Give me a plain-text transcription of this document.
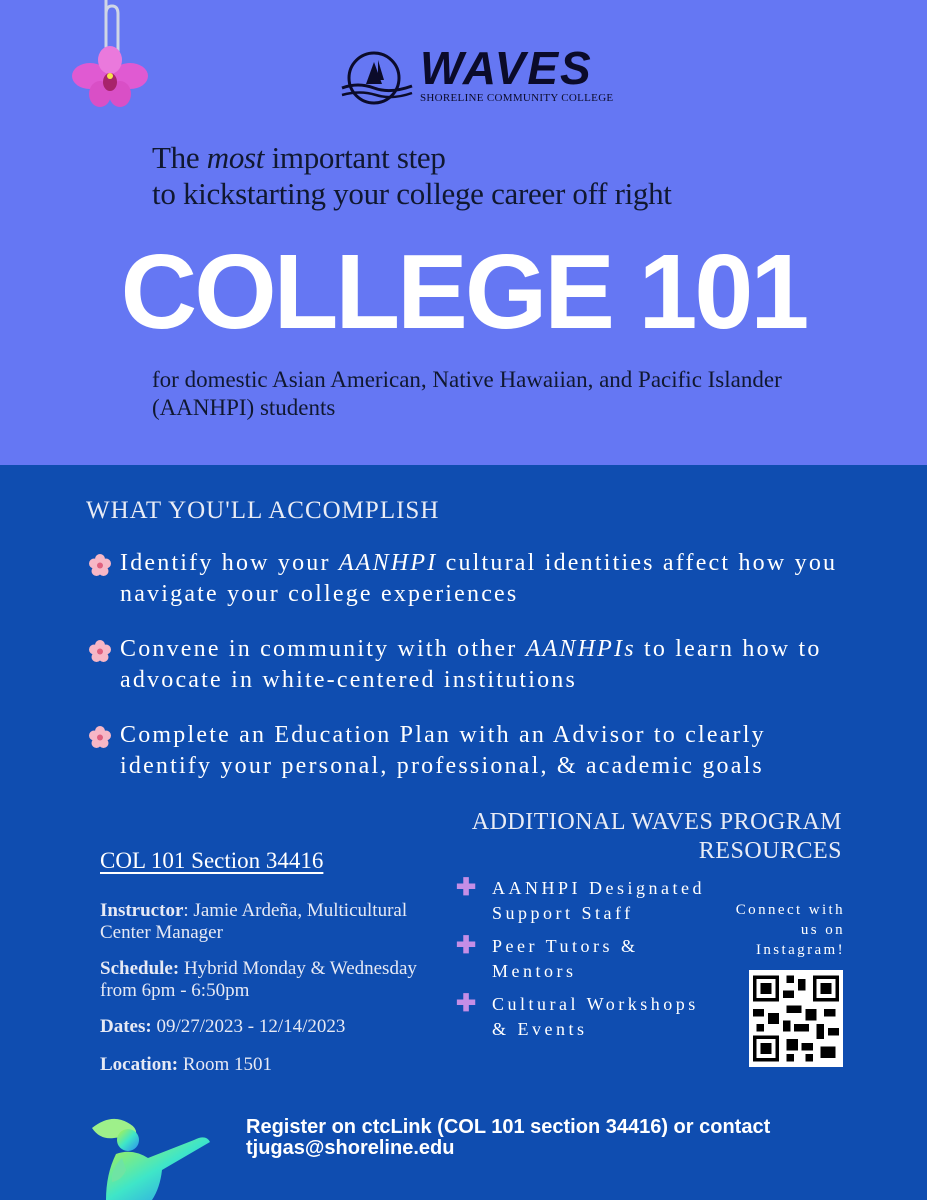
WAVES
SHORELINE COMMUNITY COLLEGE
The most important step
to kickstarting your college career off right
COLLEGE 101
for domestic Asian American, Native Hawaiian, and Pacific Islander (AANHPI) students
WHAT YOU'LL ACCOMPLISH
Identify how your AANHPI cultural identities affect how you navigate your college experiences
Convene in community with other AANHPIs to learn how to advocate in white-centered institutions
Complete an Education Plan with an Advisor to clearly identify your personal, professional, & academic goals
ADDITIONAL WAVES PROGRAM RESOURCES
COL 101 Section 34416
Instructor: Jamie Ardeña, Multicultural Center Manager
Schedule: Hybrid Monday & Wednesday from 6pm - 6:50pm
Dates: 09/27/2023 - 12/14/2023
Location: Room 1501
✚ AANHPI Designated Support Staff
✚ Peer Tutors & Mentors
✚ Cultural Workshops & Events
Connect with us on Instagram!
Register on ctcLink (COL 101 section 34416) or contact tjugas@shoreline.edu
